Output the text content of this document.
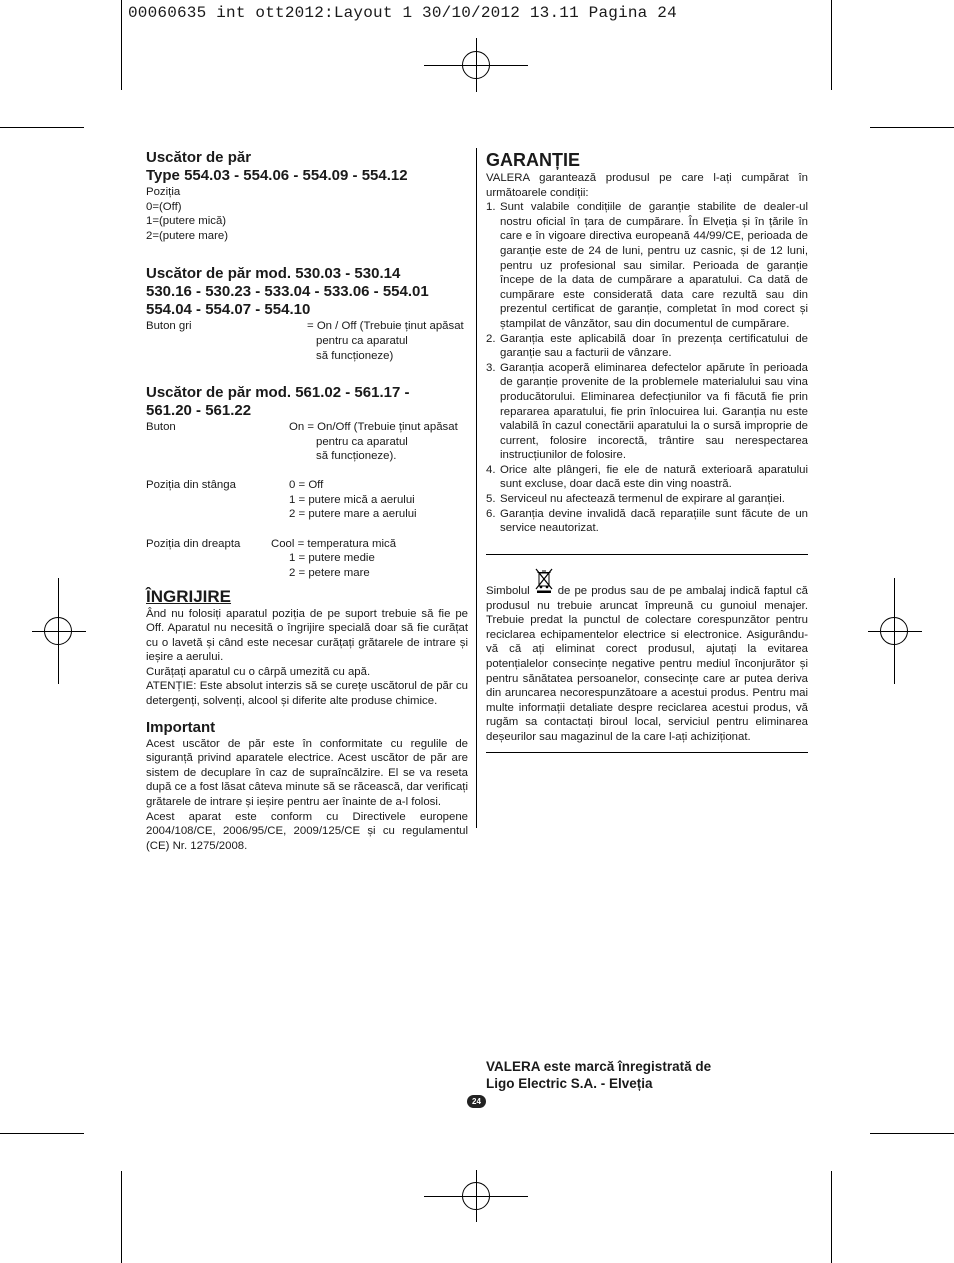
00060635 int ott2012:Layout 1 30/10/2012 13.11 Pagina 24
Uscător de păr
Type 554.03 - 554.06 - 554.09 - 554.12
Poziția
0=(Off)
1=(putere mică)
2=(putere mare)
Uscător de păr mod. 530.03 - 530.14
530.16 - 530.23 - 533.04 - 533.06 - 554.01
554.04 - 554.07 - 554.10
Buton gri	= On / Off (Trebuie ținut apăsat
pentru ca aparatul
să funcționeze)
Uscător de păr mod. 561.02 - 561.17 -
561.20 - 561.22
Buton	On = On/Off (Trebuie ținut apăsat
pentru ca aparatul
să funcționeze).
Poziția din stânga	0 = Off
1 = putere mică a aerului
2 = putere mare a aerului
Poziția din dreapta	Cool = temperatura mică
1 = putere medie
2 = petere mare
ÎNGRIJIRE
Ând nu folosiți aparatul poziția de pe suport trebuie să fie pe Off. Aparatul nu necesită o îngrijire specială doar să fie curățat cu o lavetă și când este necesar curățați grătarele de intrare și ieșire a aerului.
Curățați aparatul cu o cârpă umezită cu apă.
ATENȚIE: Este absolut interzis să se curețe uscătorul de păr cu detergenți, solvenți, alcool și diferite alte produse chimice.
Important
Acest uscător de păr este în conformitate cu regulile de siguranță privind aparatele electrice. Acest uscător de păr are sistem de decuplare în caz de supraîncălzire. El se va reseta după ce a fost lăsat câteva minute să se răcească, dar verificați grătarele de intrare și ieșire pentru aer înainte de a-l folosi.
Acest aparat este conform cu Directivele europene 2004/108/CE, 2006/95/CE, 2009/125/CE și cu regulamentul (CE) Nr. 1275/2008.
GARANȚIE
VALERA garantează produsul pe care l-ați cumpărat în următoarele condiții:
1. Sunt valabile condițiile de garanție stabilite de dealer-ul nostru oficial în țara de cumpărare. În Elveția și în țările în care e în vigoare directiva europeană 44/99/CE, perioada de garanție este de 24 de luni, pentru uz casnic, și de 12 luni, pentru uz profesional sau similar. Perioada de garanție începe de la data de cumpărare a aparatului. Ca dată de cumpărare este considerată data care rezultă sau din prezentul certificat de garanție, completat în mod corect și ștampilat de vânzător, sau din documentul de cumpărare.
2. Garanția este aplicabilă doar în prezența certificatului de garanție sau a facturii de vânzare.
3. Garanția acoperă eliminarea defectelor apărute în perioada de garanție provenite de la problemele materialului sau vina producătorului. Eliminarea defecțiunilor va fi făcută fie prin repararea aparatului, fie prin înlocuirea lui. Garanția nu este valabilă în cazul conectării aparatului la o sursă improprie de current, folosire incorectă, trântire sau nerespectarea instrucțiunilor de folosire.
4. Orice alte plângeri, fie ele de natură exterioară aparatului sunt excluse, doar dacă este din ving noastră.
5. Serviceul nu afectează termenul de expirare al garanției.
6. Garanția devine invalidă dacă reparațiile sunt făcute de un service neautorizat.
Simbolul de pe produs sau de pe ambalaj indică faptul că produsul nu trebuie aruncat împreună cu gunoiul menajer. Trebuie predat la punctul de colectare corespunzător pentru reciclarea echipamentelor electrice si electronice. Asigurându-vă că ați eliminat corect produsul, ajutați la evitarea potențialelor consecințe negative pentru mediul înconjurător și pentru sănătatea persoanelor, consecințe care ar putea deriva din aruncarea necorespunzătoare a acestui produs. Pentru mai multe informații detaliate despre reciclarea acestui produs, vă rugăm sa contactați biroul local, serviciul pentru eliminarea deșeurilor sau magazinul de la care l-ați achiziționat.
VALERA este marcă înregistrată de
Ligo Electric S.A. - Elveția
24
